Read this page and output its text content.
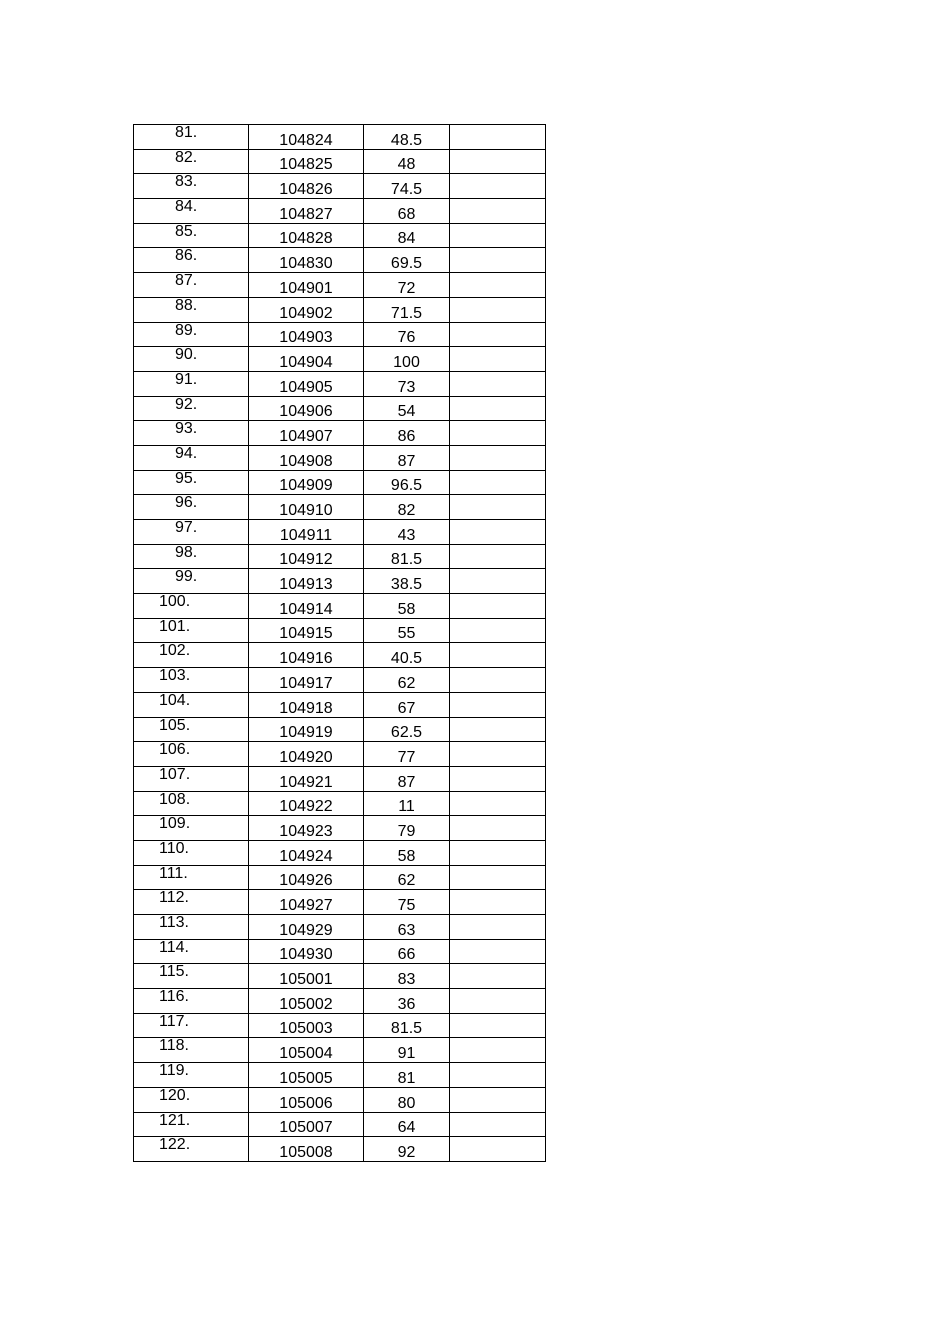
81.	104824	48.5	
82.	104825	48	
83.	104826	74.5	
84.	104827	68	
85.	104828	84	
86.	104830	69.5	
87.	104901	72	
88.	104902	71.5	
89.	104903	76	
90.	104904	100	
91.	104905	73	
92.	104906	54	
93.	104907	86	
94.	104908	87	
95.	104909	96.5	
96.	104910	82	
97.	104911	43	
98.	104912	81.5	
99.	104913	38.5	
100.	104914	58	
101.	104915	55	
102.	104916	40.5	
103.	104917	62	
104.	104918	67	
105.	104919	62.5	
106.	104920	77	
107.	104921	87	
108.	104922	11	
109.	104923	79	
110.	104924	58	
111.	104926	62	
112.	104927	75	
113.	104929	63	
114.	104930	66	
115.	105001	83	
116.	105002	36	
117.	105003	81.5	
118.	105004	91	
119.	105005	81	
120.	105006	80	
121.	105007	64	
122.	105008	92	
